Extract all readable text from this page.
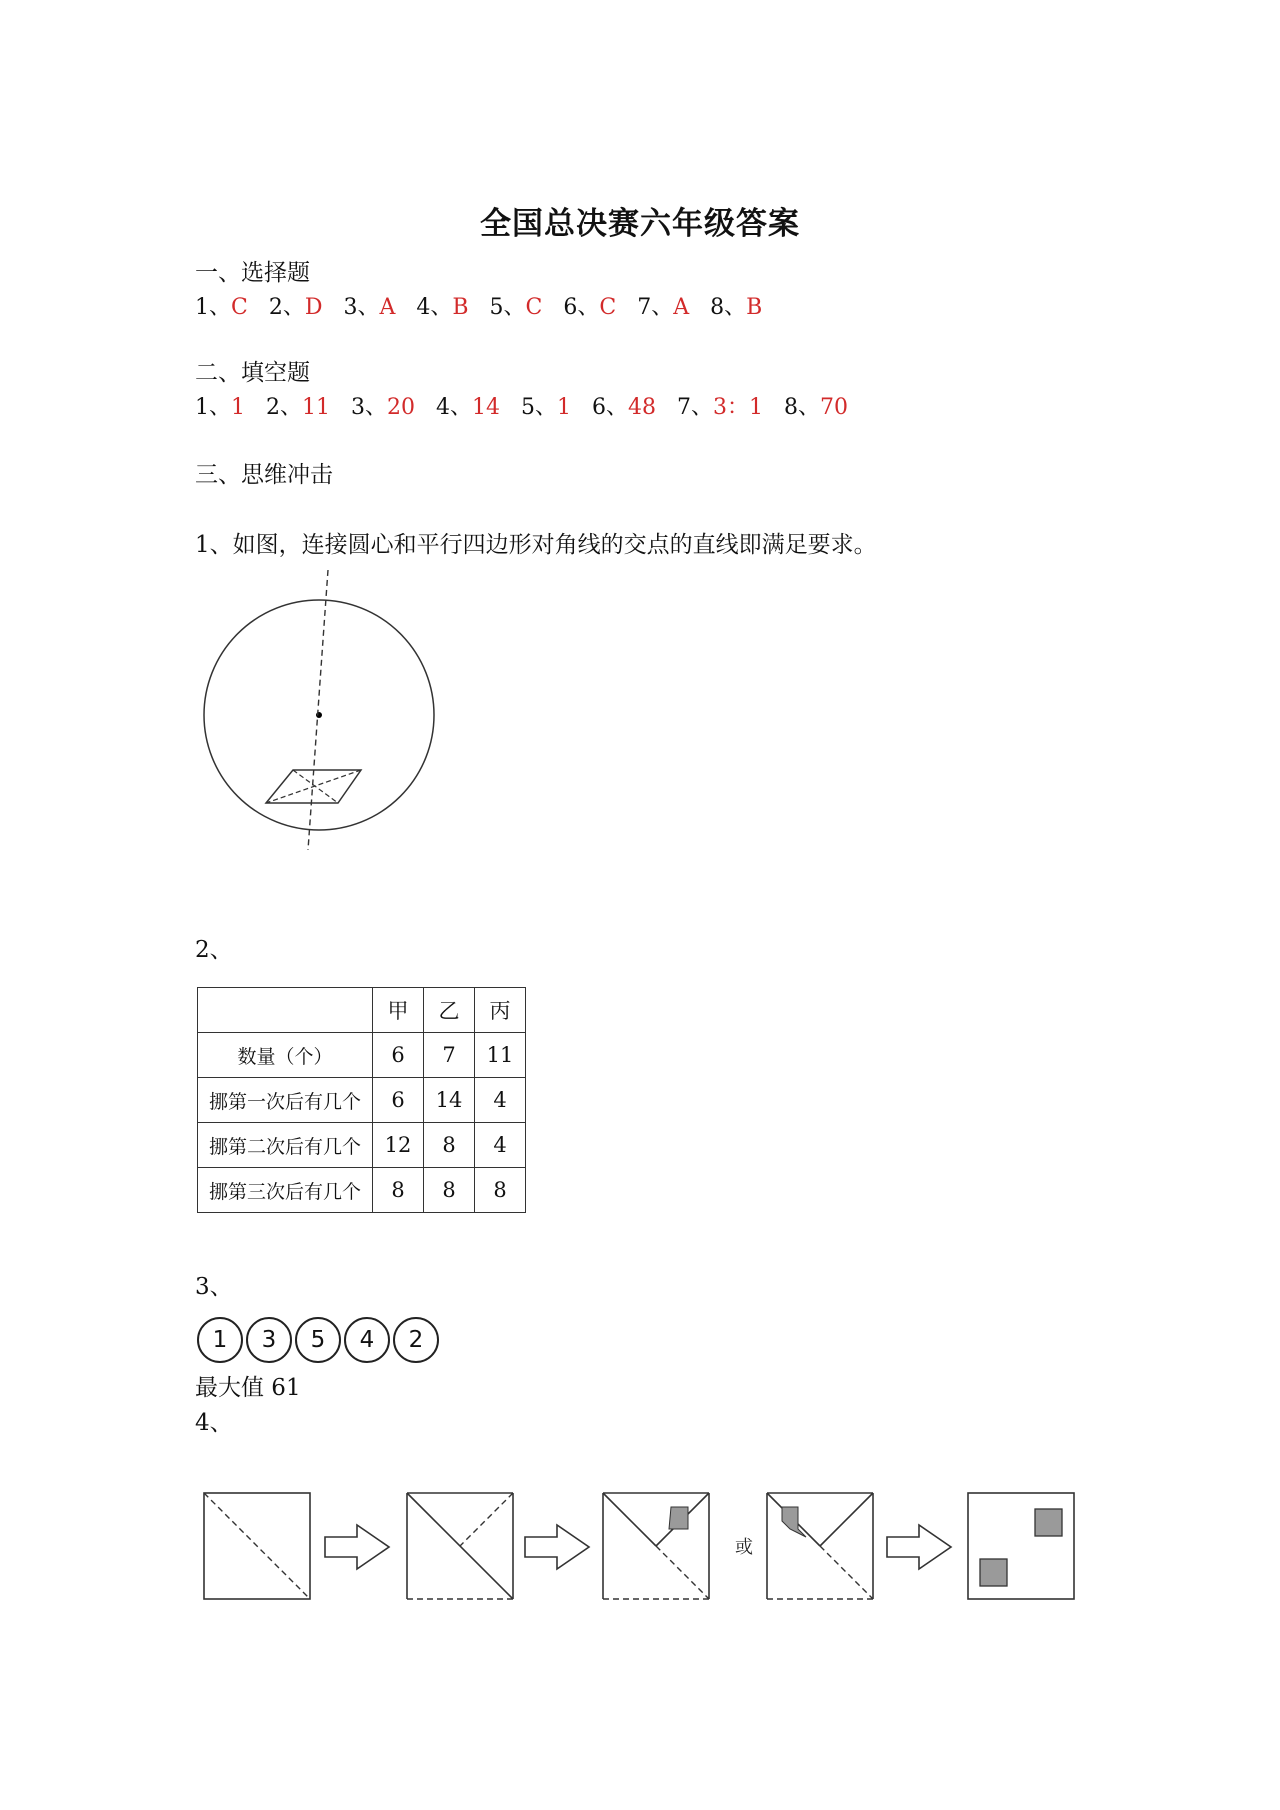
全国总决赛六年级答案
一、选择题
1、C 2、D 3、A 4、B 5、C 6、C 7、A 8、B
二、填空题
1、1 2、11 3、20 4、14 5、1 6、48 7、3：1 8、70
三、思维冲击
1、如图，连接圆心和平行四边形对角线的交点的直线即满足要求。
2、
	甲	乙	丙
数量（个）	6	7	11
挪第一次后有几个	6	14	4
挪第二次后有几个	12	8	4
挪第三次后有几个	8	8	8
3、
1 3 5 4 2
最大值 61
4、
或
